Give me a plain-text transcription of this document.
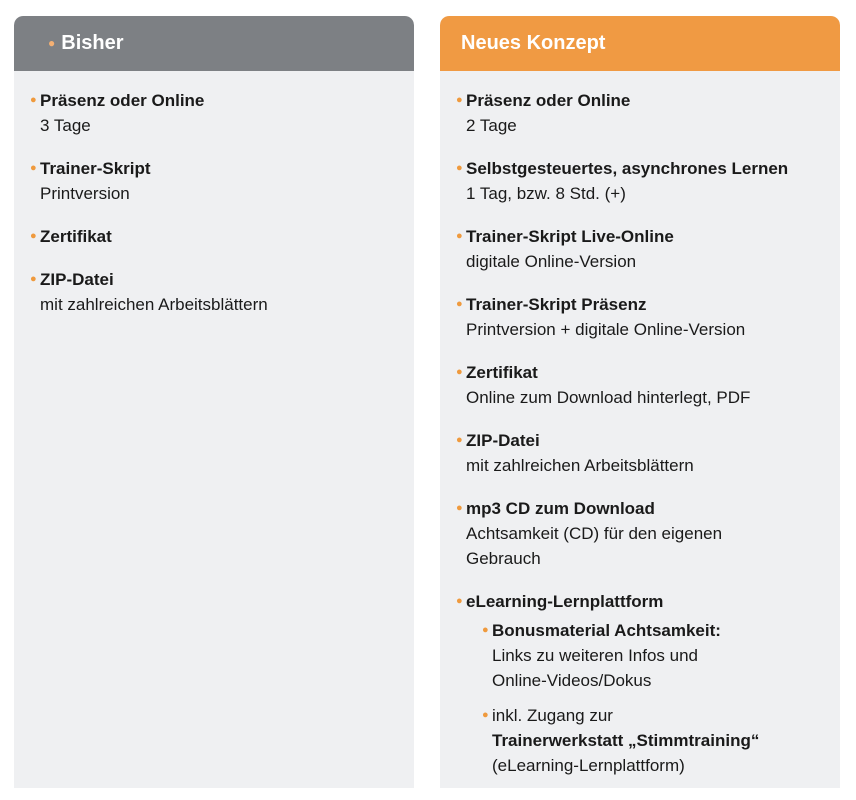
● Bisher
● Präsenz oder Online
3 Tage
● Trainer-Skript
Printversion
● Zertifikat
● ZIP-Datei
mit zahlreichen Arbeitsblättern
Neues Konzept
● Präsenz oder Online
2 Tage
● Selbstgesteuertes, asynchrones Lernen
1 Tag, bzw. 8 Std. (+)
● Trainer-Skript Live-Online
digitale Online-Version
● Trainer-Skript Präsenz
Printversion + digitale Online-Version
● Zertifikat
Online zum Download hinterlegt, PDF
● ZIP-Datei
mit zahlreichen Arbeitsblättern
● mp3 CD zum Download
Achtsamkeit (CD) für den eigenen
Gebrauch
● eLearning-Lernplattform
● Bonusmaterial Achtsamkeit:
Links zu weiteren Infos und
Online-Videos/Dokus
● inkl. Zugang zur
Trainerwerkstatt „Stimmtraining“
(eLearning-Lernplattform)
